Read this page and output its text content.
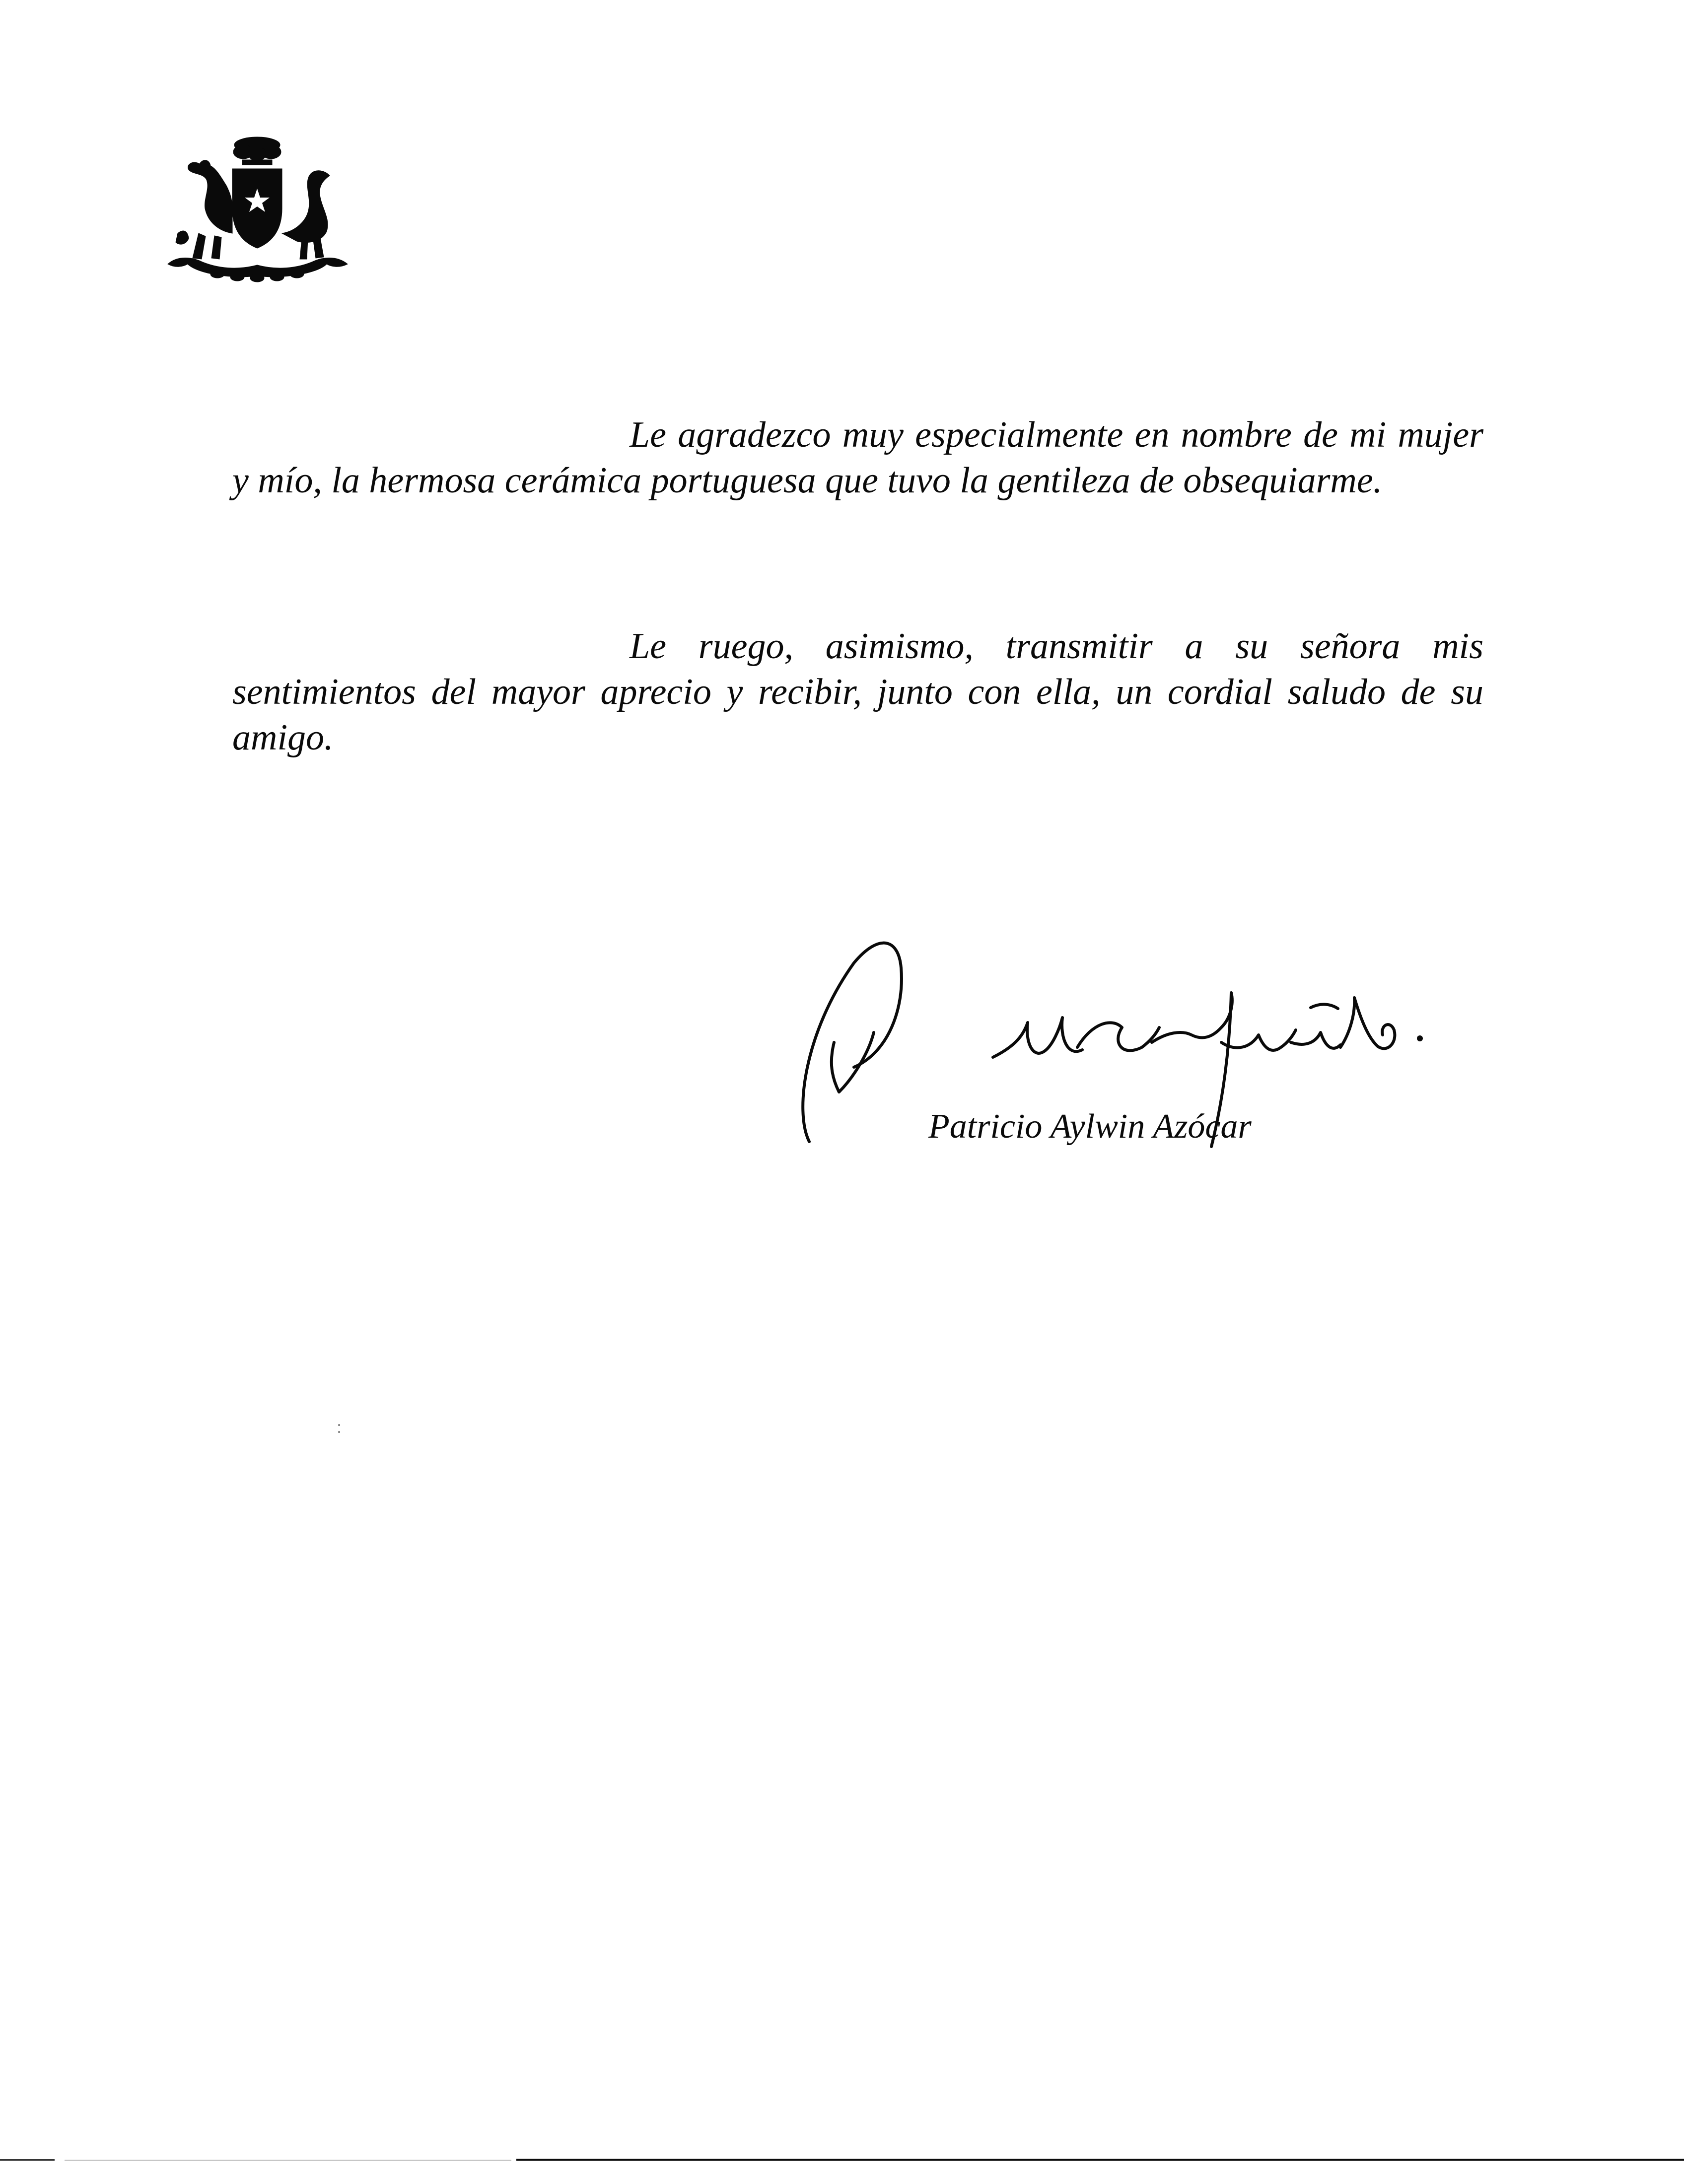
Le agradezco muy especialmente en nombre de mi mujer y mío, la hermosa cerámica portuguesa que tuvo la gentileza de obsequiarme.

Le ruego, asimismo, transmitir a su señora mis sentimientos del mayor aprecio y recibir, junto con ella, un cordial saludo de su amigo.

Patricio Aylwin Azócar
